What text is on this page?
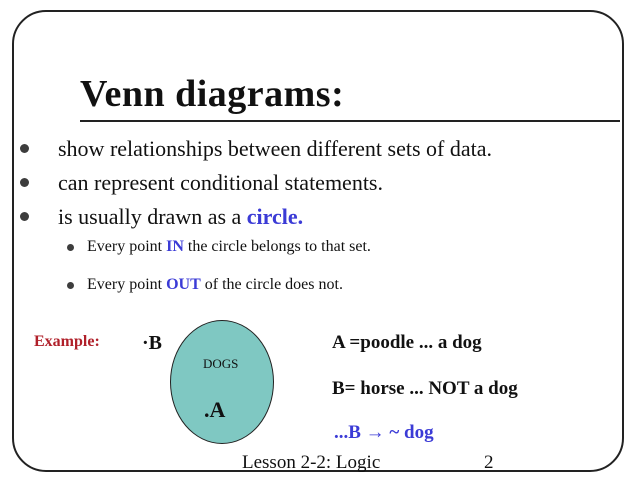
Venn diagrams:
show relationships between different sets of data.
can represent conditional statements.
is usually drawn as a circle.
Every point IN the circle belongs to that set.
Every point OUT of the circle does not.
Example: ·B
DOGS
.A
A =poodle ... a dog
B= horse ... NOT a dog
...B → ~ dog
Lesson 2-2: Logic	2
